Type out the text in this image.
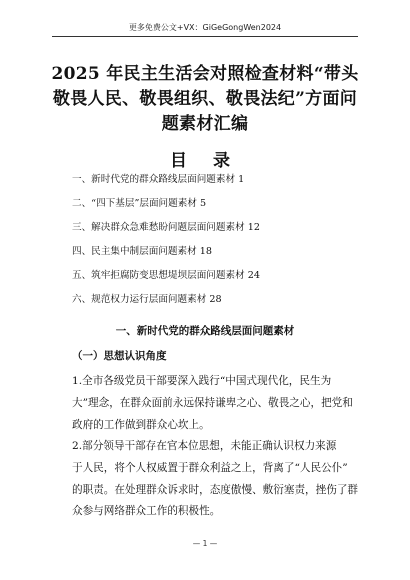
更多免费公文+VX：GiGeGongWen2024
2025 年民主生活会对照检查材料“带头
敬畏人民、敬畏组织、敬畏法纪”方面问
题素材汇编
目 录
一、新时代党的群众路线层面问题素材 1
二、“四下基层”层面问题素材 5
三、解决群众急难愁盼问题层面问题素材 12
四、民主集中制层面问题素材 18
五、筑牢拒腐防变思想堤坝层面问题素材 24
六、规范权力运行层面问题素材 28
一、新时代党的群众路线层面问题素材
（一）思想认识角度

1.全市各级党员干部要深入践行“中国式现代化，民生为
大”理念，在群众面前永远保持谦卑之心、敬畏之心，把党和
政府的工作做到群众心坎上。

2.部分领导干部存在官本位思想，未能正确认识权力来源
于人民，将个人权威置于群众利益之上，背离了“人民公仆”
的职责。在处理群众诉求时，态度傲慢、敷衍塞责，挫伤了群
众参与网络群众工作的积极性。

— 1 —
